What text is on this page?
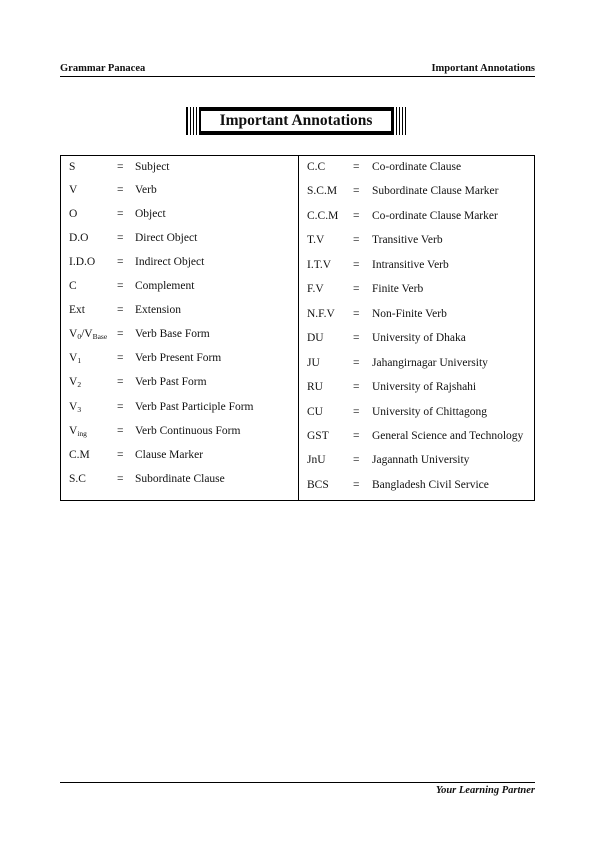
Grammar Panacea	Important Annotations
Important Annotations
S	= Subject
V	= Verb
O	= Object
D.O = Direct Object
I.D.O = Indirect Object
C	= Complement
Ext	= Extension
$V_0/V_{Base}$ = Verb Base Form
$V_1$	= Verb Present Form
$V_2$	= Verb Past Form
$V_3$	= Verb Past Participle Form
$V_{ing}$	= Verb Continuous Form
C.M = Clause Marker
S.C	= Subordinate Clause
C.C = Co-ordinate Clause
S.C.M = Subordinate Clause Marker
C.C.M = Co-ordinate Clause Marker
T.V = Transitive Verb
I.T.V = Intransitive Verb
F.V	= Finite Verb
N.F.V = Non-Finite Verb
DU	= University of Dhaka
JU	= Jahangirnagar University
RU	= University of Rajshahi
CU	= University of Chittagong
GST = General Science and Technology
JnU = Jagannath University
BCS = Bangladesh Civil Service
Your Learning Partner
